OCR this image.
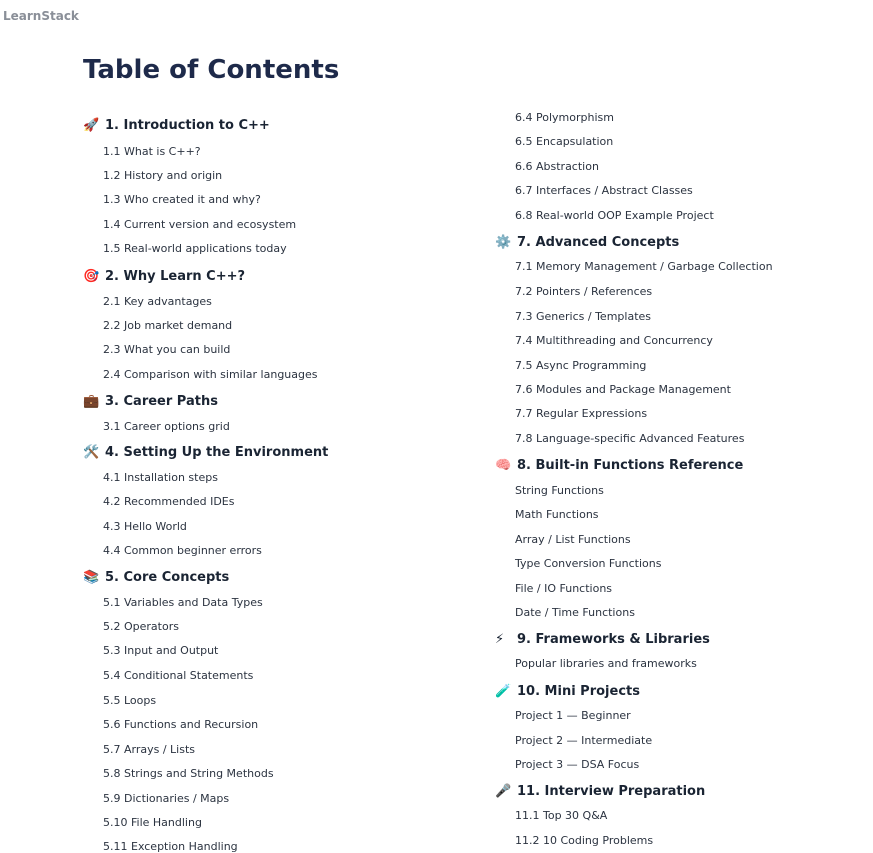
LearnStack
Table of Contents
🚀 1. Introduction to C++
1.1 What is C++?
1.2 History and origin
1.3 Who created it and why?
1.4 Current version and ecosystem
1.5 Real-world applications today
🎯 2. Why Learn C++?
2.1 Key advantages
2.2 Job market demand
2.3 What you can build
2.4 Comparison with similar languages
💼 3. Career Paths
3.1 Career options grid
🛠️ 4. Setting Up the Environment
4.1 Installation steps
4.2 Recommended IDEs
4.3 Hello World
4.4 Common beginner errors
📚 5. Core Concepts
5.1 Variables and Data Types
5.2 Operators
5.3 Input and Output
5.4 Conditional Statements
5.5 Loops
5.6 Functions and Recursion
5.7 Arrays / Lists
5.8 Strings and String Methods
5.9 Dictionaries / Maps
5.10 File Handling
5.11 Exception Handling
6.4 Polymorphism
6.5 Encapsulation
6.6 Abstraction
6.7 Interfaces / Abstract Classes
6.8 Real-world OOP Example Project
⚙️ 7. Advanced Concepts
7.1 Memory Management / Garbage Collection
7.2 Pointers / References
7.3 Generics / Templates
7.4 Multithreading and Concurrency
7.5 Async Programming
7.6 Modules and Package Management
7.7 Regular Expressions
7.8 Language-specific Advanced Features
🧠 8. Built-in Functions Reference
String Functions
Math Functions
Array / List Functions
Type Conversion Functions
File / IO Functions
Date / Time Functions
⚡ 9. Frameworks & Libraries
Popular libraries and frameworks
🧪 10. Mini Projects
Project 1 — Beginner
Project 2 — Intermediate
Project 3 — DSA Focus
🎤 11. Interview Preparation
11.1 Top 30 Q&A
11.2 10 Coding Problems
